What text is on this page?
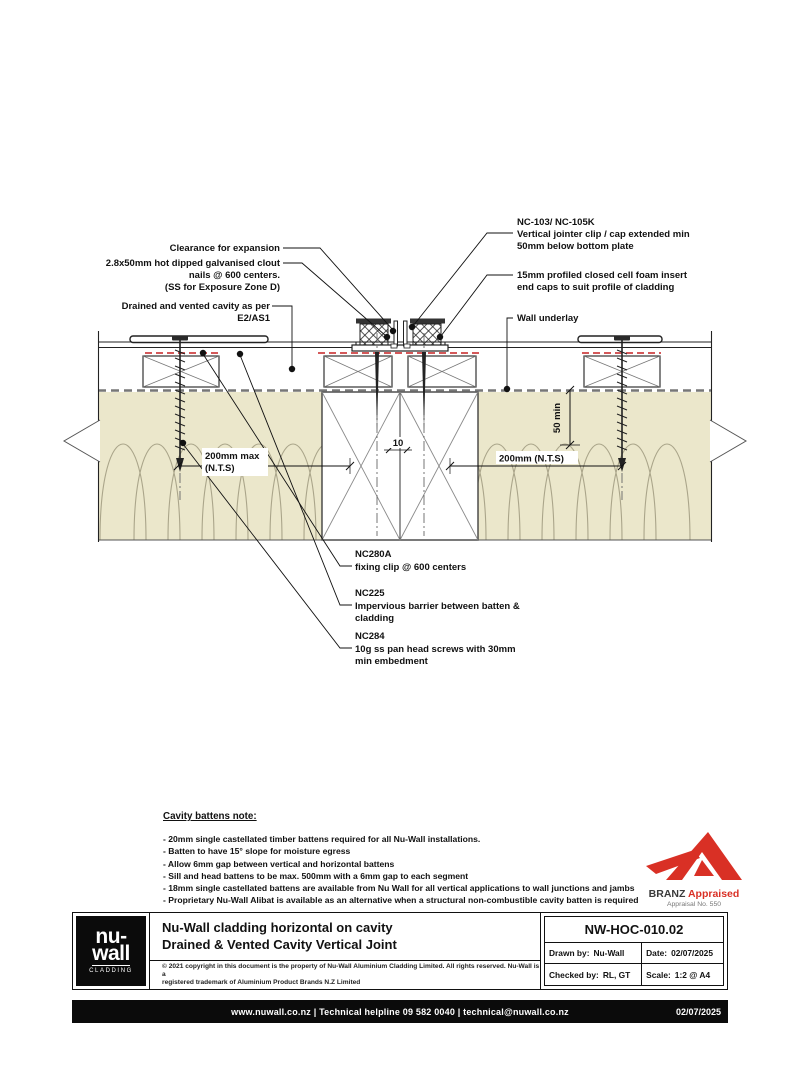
200mm max
(N.T.S)
200mm (N.T.S)
10
50 min
Clearance for expansion
2.8x50mm hot dipped galvanised clout
nails @ 600 centers.
(SS for Exposure Zone D)
Drained and vented cavity as per
E2/AS1
NC-103/ NC-105K
Vertical jointer clip / cap extended min
50mm below bottom plate
15mm profiled closed cell foam insert
end caps to suit profile of cladding
Wall underlay
NC280A
fixing clip @ 600 centers
NC225
Impervious barrier between batten &
cladding
NC284
10g ss pan head screws with 30mm
min embedment
Cavity battens note:
- 20mm single castellated timber battens required for all Nu-Wall installations.
- Batten to have 15° slope for moisture egress
- Allow 6mm gap between vertical and horizontal battens
- Sill and head battens to be max. 500mm with a 6mm gap to each segment
- 18mm single castellated battens are available from Nu Wall for all vertical applications to wall junctions and jambs
- Proprietary Nu-Wall Alibat is available as an alternative when a structural non-combustible cavity batten is required
BRANZ Appraised
Appraisal No. 550
nu-
wall
CLADDING
Nu-Wall cladding horizontal on cavity
Drained & Vented Cavity Vertical Joint
© 2021 copyright in this document is the property of Nu-Wall Aluminium Cladding Limited. All rights reserved. Nu-Wall is a
registered trademark of Aluminium Product Brands N.Z Limited
NW-HOC-010.02
Drawn by: Nu-Wall	Date: 02/07/2025
Checked by: RL, GT Scale: 1:2 @ A4
www.nuwall.co.nz | Technical helpline 09 582 0040 | technical@nuwall.co.nz	02/07/2025
